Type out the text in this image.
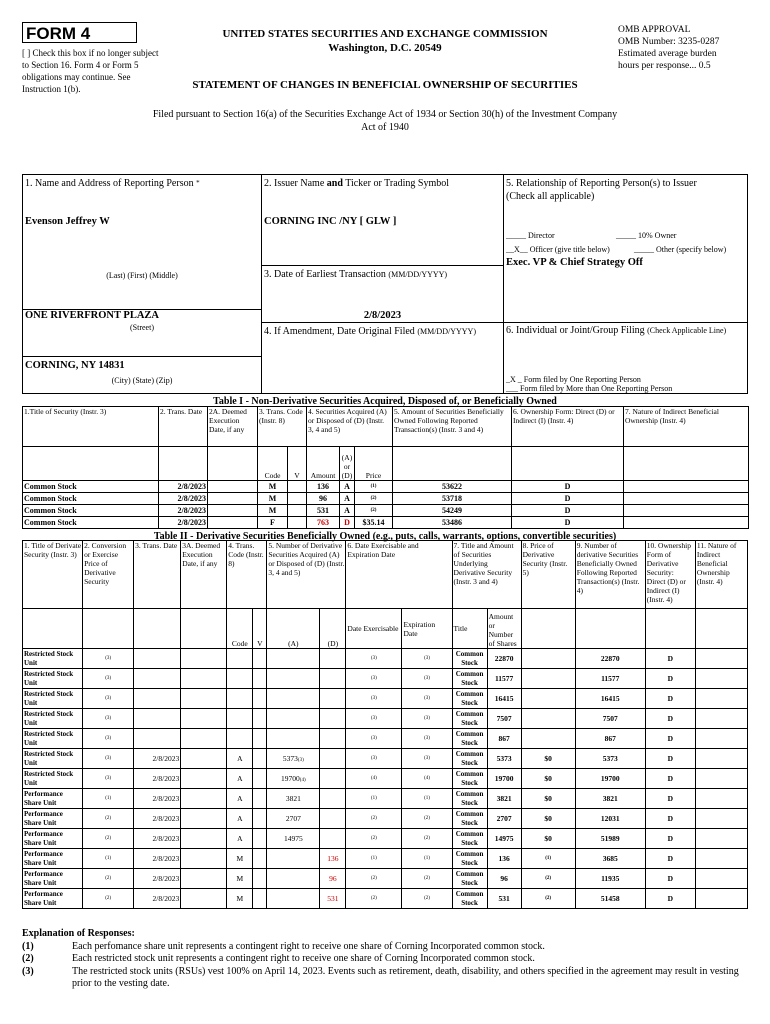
FORM 4
[ ] Check this box if no longer subject to Section 16. Form 4 or Form 5 obligations may continue. See Instruction 1(b).
UNITED STATES SECURITIES AND EXCHANGE COMMISSION
Washington, D.C. 20549
OMB APPROVAL
OMB Number: 3235-0287
Estimated average burden
hours per response... 0.5
STATEMENT OF CHANGES IN BENEFICIAL OWNERSHIP OF SECURITIES
Filed pursuant to Section 16(a) of the Securities Exchange Act of 1934 or Section 30(h) of the Investment Company Act of 1940
1. Name and Address of Reporting Person *
Evenson Jeffrey W
(Last) (First) (Middle)
ONE RIVERFRONT PLAZA
(Street)
CORNING, NY 14831
(City) (State) (Zip)
2. Issuer Name and Ticker or Trading Symbol
CORNING INC /NY [ GLW ]
3. Date of Earliest Transaction (MM/DD/YYYY)
2/8/2023
4. If Amendment, Date Original Filed (MM/DD/YYYY)
5. Relationship of Reporting Person(s) to Issuer
(Check all applicable)
_____ Director	_____ 10% Owner
__X__ Officer (give title below)	_____ Other (specify below)
Exec. VP & Chief Strategy Off
6. Individual or Joint/Group Filing (Check Applicable Line)
_X _ Form filed by One Reporting Person
___ Form filed by More than One Reporting Person
Table I - Non-Derivative Securities Acquired, Disposed of, or Beneficially Owned
1.Title of Security (Instr. 3)	2. Trans. Date	2A. Deemed Execution Date, if any	3. Trans. Code (Instr. 8)		4. Securities Acquired (A) or Disposed of (D) (Instr. 3, 4 and 5)			5. Amount of Securities Beneficially Owned Following Reported Transaction(s) (Instr. 3 and 4)	6. Ownership Form: Direct (D) or Indirect (I) (Instr. 4)	7. Nature of Indirect Beneficial Ownership (Instr. 4)
			Code	V	Amount	(A) or (D)	Price			
Common Stock	2/8/2023		M		136	A	(1)	53622	D	
Common Stock	2/8/2023		M		96	A	(2)	53718	D	
Common Stock	2/8/2023		M		531	A	(2)	54249	D	
Common Stock	2/8/2023		F		763	D	$35.14	53486	D	
Table II - Derivative Securities Beneficially Owned (e.g., puts, calls, warrants, options, convertible securities)
1. Title of Derivate Security (Instr. 3)	2. Conversion or Exercise Price of Derivative Security	3. Trans. Date	3A. Deemed Execution Date, if any	4. Trans. Code (Instr. 8)		5. Number of Derivative Securities Acquired (A) or Disposed of (D) (Instr. 3, 4 and 5)		6. Date Exercisable and Expiration Date		7. Title and Amount of Securities Underlying Derivative Security (Instr. 3 and 4)		8. Price of Derivative Security (Instr. 5)	9. Number of derivative Securities Beneficially Owned Following Reported Transaction(s) (Instr. 4)	10. Ownership Form of Derivative Security: Direct (D) or Indirect (I) (Instr. 4)	11. Nature of Indirect Beneficial Ownership (Instr. 4)
				Code	V	(A)	(D)	Date Exercisable	Expiration Date	Title	Amount or Number of Shares				
Restricted Stock Unit	(3)							(3)	(3)	Common Stock	22870		22870	D	
Restricted Stock Unit	(3)							(3)	(3)	Common Stock	11577		11577	D	
Restricted Stock Unit	(3)							(3)	(3)	Common Stock	16415		16415	D	
Restricted Stock Unit	(3)							(3)	(3)	Common Stock	7507		7507	D	
Restricted Stock Unit	(3)							(3)	(3)	Common Stock	867		867	D	
Restricted Stock Unit	(3)	2/8/2023		A		5373(3)		(3)	(3)	Common Stock	5373	$0	5373	D	
Restricted Stock Unit	(3)	2/8/2023		A		19700(4)		(4)	(4)	Common Stock	19700	$0	19700	D	
Performance Share Unit	(1)	2/8/2023		A		3821		(1)	(1)	Common Stock	3821	$0	3821	D	
Performance Share Unit	(2)	2/8/2023		A		2707		(2)	(2)	Common Stock	2707	$0	12031	D	
Performance Share Unit	(2)	2/8/2023		A		14975		(2)	(2)	Common Stock	14975	$0	51989	D	
Performance Share Unit	(1)	2/8/2023		M			136	(1)	(1)	Common Stock	136	(1)	3685	D	
Performance Share Unit	(2)	2/8/2023		M			96	(2)	(2)	Common Stock	96	(2)	11935	D	
Performance Share Unit	(2)	2/8/2023		M			531	(2)	(2)	Common Stock	531	(2)	51458	D	
Explanation of Responses:
(1)	Each perfomance share unit represents a contingent right to receive one share of Corning Incorporated common stock.
(2)	Each restricted stock unit represents a contingent right to receive one share of Corning Incorporated common stock.
(3)	The restricted stock units (RSUs) vest 100% on April 14, 2023. Events such as retirement, death, disability, and others specified in the agreement may result in vesting prior to the vesting date.
